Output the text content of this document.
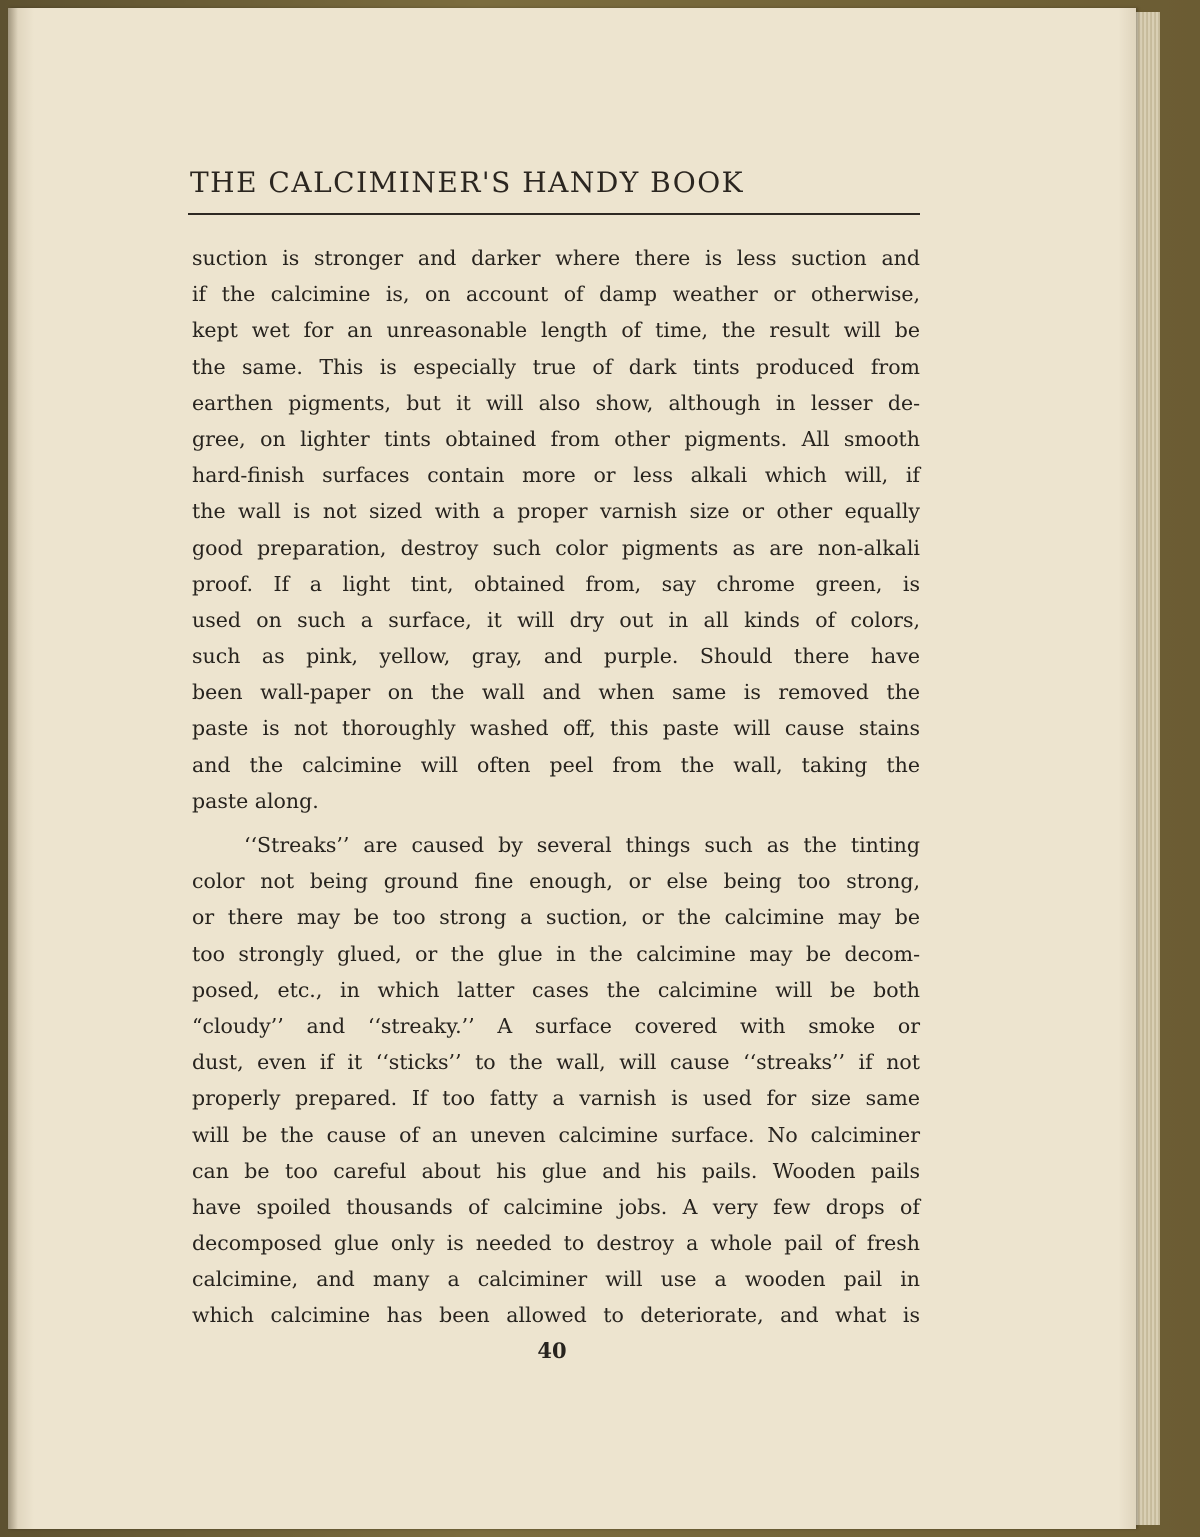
THE CALCIMINER'S HANDY BOOK
suction is stronger and darker where there is less suction and
if the calcimine is, on account of damp weather or otherwise,
kept wet for an unreasonable length of time, the result will be
the same. This is especially true of dark tints produced from
earthen pigments, but it will also show, although in lesser de-
gree, on lighter tints obtained from other pigments. All smooth
hard-finish surfaces contain more or less alkali which will, if
the wall is not sized with a proper varnish size or other equally
good preparation, destroy such color pigments as are non-alkali
proof. If a light tint, obtained from, say chrome green, is
used on such a surface, it will dry out in all kinds of colors,
such as pink, yellow, gray, and purple. Should there have
been wall-paper on the wall and when same is removed the
paste is not thoroughly washed off, this paste will cause stains
and the calcimine will often peel from the wall, taking the
paste along.
‘‘Streaks’’ are caused by several things such as the tinting
color not being ground fine enough, or else being too strong,
or there may be too strong a suction, or the calcimine may be
too strongly glued, or the glue in the calcimine may be decom-
posed, etc., in which latter cases the calcimine will be both
“cloudy’’ and ‘‘streaky.’’ A surface covered with smoke or
dust, even if it ‘‘sticks’’ to the wall, will cause ‘‘streaks’’ if not
properly prepared. If too fatty a varnish is used for size same
will be the cause of an uneven calcimine surface. No calciminer
can be too careful about his glue and his pails. Wooden pails
have spoiled thousands of calcimine jobs. A very few drops of
decomposed glue only is needed to destroy a whole pail of fresh
calcimine, and many a calciminer will use a wooden pail in
which calcimine has been allowed to deteriorate, and what is
40
